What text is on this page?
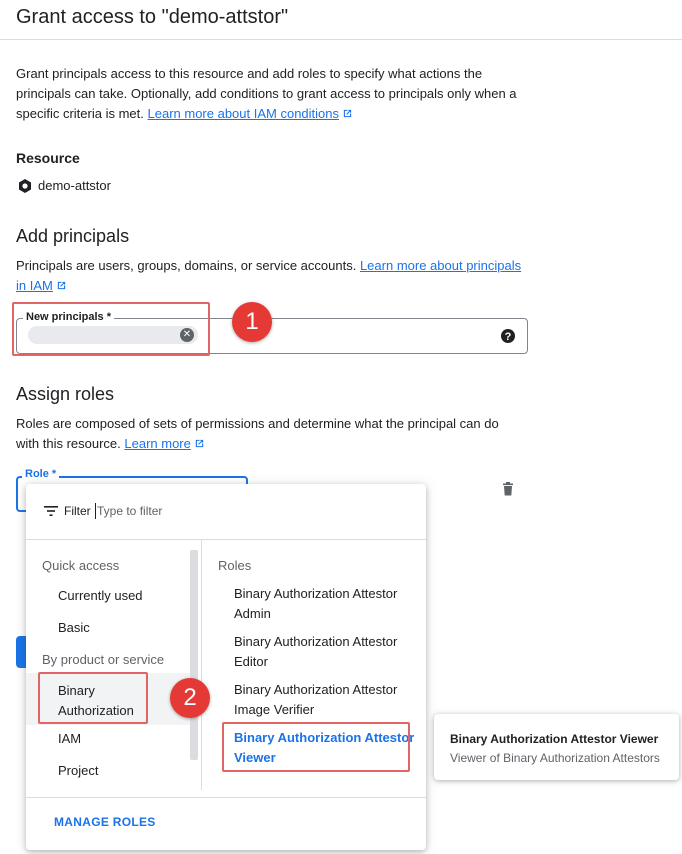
Grant access to "demo-attstor"
Grant principals access to this resource and add roles to specify what actions the
principals can take. Optionally, add conditions to grant access to principals only when a
specific criteria is met. Learn more about IAM conditions
Resource
demo-attstor
Add principals
Principals are users, groups, domains, or service accounts. Learn more about principals
in IAM
New principals *
✕	?
1
Assign roles
Roles are composed of sets of permissions and determine what the principal can do
with this resource. Learn more
Role *
Filter Type to filter
Quick access
Currently used
Basic
By product or service
Binary
Authorization
IAM
Project
Roles
Binary Authorization Attestor
Admin
Binary Authorization Attestor
Editor
Binary Authorization Attestor
Image Verifier
Binary Authorization Attestor
Viewer
MANAGE ROLES
2
Binary Authorization Attestor Viewer
Viewer of Binary Authorization Attestors
